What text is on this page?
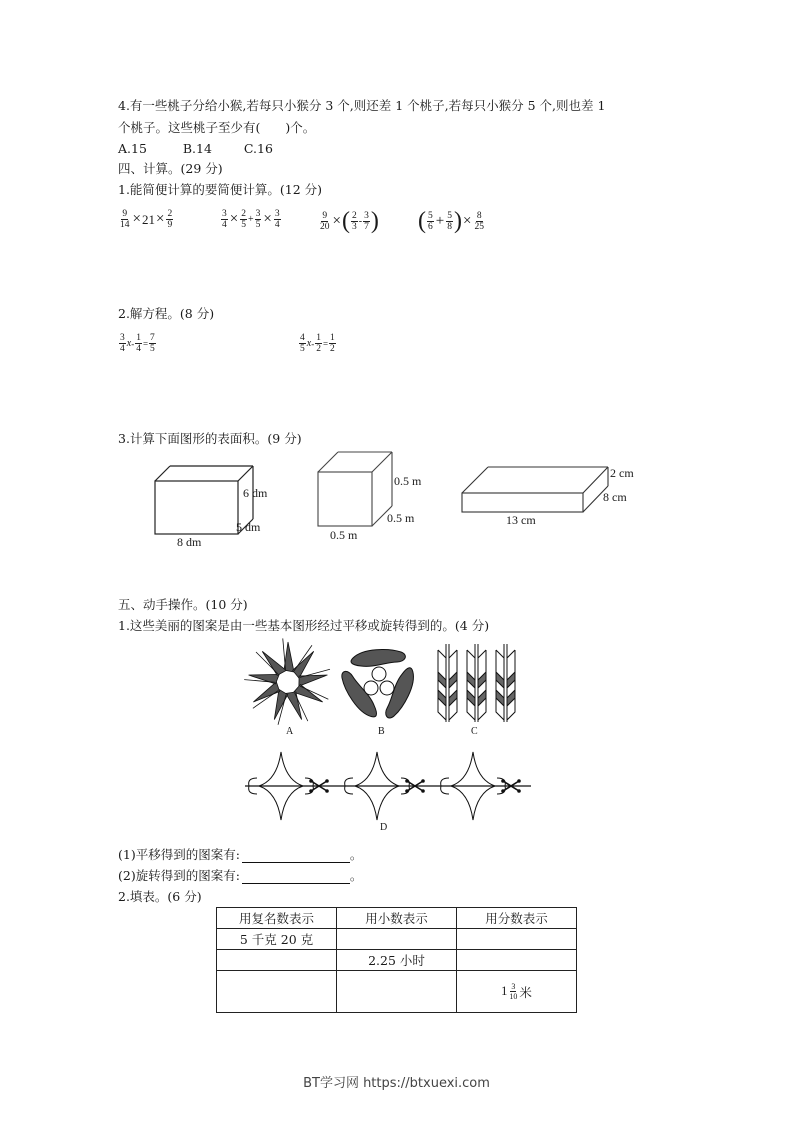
4.有一些桃子分给小猴,若每只小猴分 3 个,则还差 1 个桃子,若每只小猴分 5 个,则也差 1
个桃子。这些桃子至少有(　　)个。
A.15	B.14	C.16
四、计算。(29 分)
1.能简便计算的要简便计算。(12 分)
$\frac{9}{14} \times 21 \times \frac{2}{9}$	$\frac{3}{4} \times \frac{2}{5} + \frac{3}{5} \times \frac{3}{4}$	$\frac{9}{20}$ × ( $\frac{2}{3} - \frac{3}{7}$ ) ( $\frac{5}{6} + \frac{5}{8}$ ) × $\frac{8}{25}$
2.解方程。(8 分)
$\frac{3}{4}$ $x - \frac{1}{4} = \frac{7}{5}$	$\frac{4}{5}$ $x - \frac{1}{2} = \frac{1}{2}$
3.计算下面图形的表面积。(9 分)
6 dm
5 dm
8 dm
0.5 m
0.5 m
0.5 m
2 cm
8 cm
13 cm
五、动手操作。(10 分)
1.这些美丽的图案是由一些基本图形经过平移或旋转得到的。(4 分)
A	B	C
D
(1)平移得到的图案有:	。
(2)旋转得到的图案有:	。
2.填表。(6 分)
用复名数表示	用小数表示	用分数表示
5 千克 20 克		
	2.25 小时	

		$1 \frac{3}{10}$ 米
BT学习网 https://btxuexi.com
